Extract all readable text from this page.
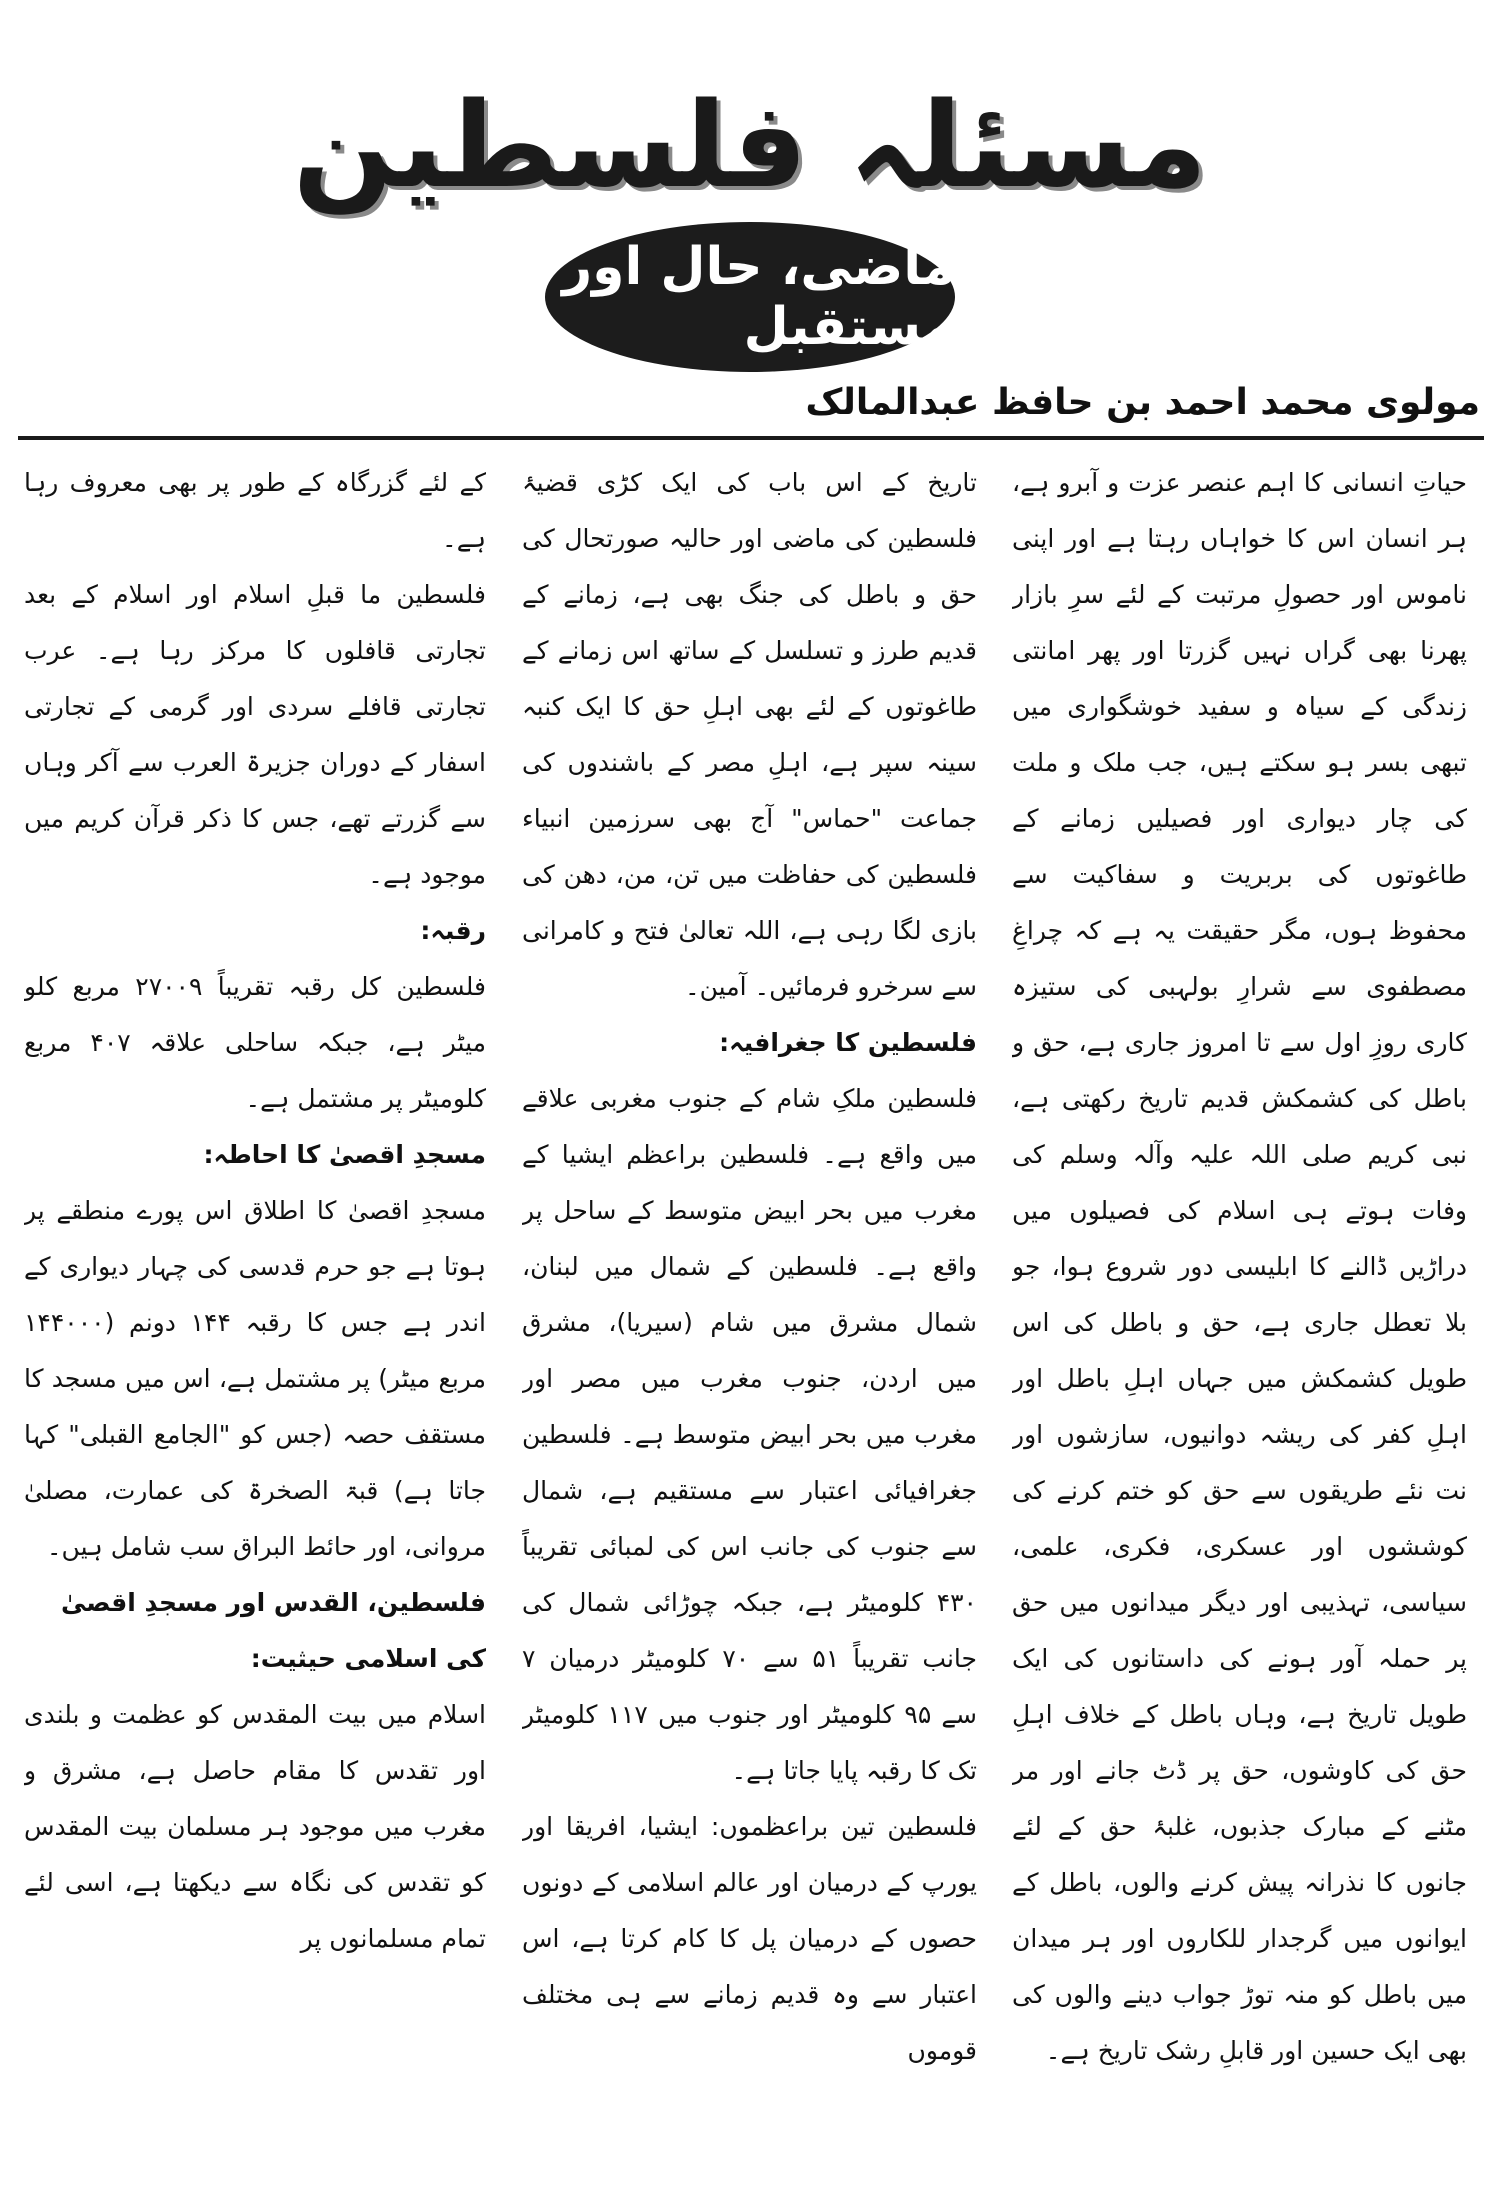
مسئلہ فلسطین
ماضی، حال اور مستقبل
مولوی محمد احمد بن حافظ عبدالمالک

حیاتِ انسانی کا اہم عنصر عزت و آبرو ہے، ہر انسان اس کا خواہاں رہتا ہے اور اپنی ناموس اور حصولِ مرتبت کے لئے سرِ بازار پھرنا بھی گراں نہیں گزرتا اور پھر امانتی زندگی کے سیاہ و سفید خوشگواری میں تبھی بسر ہو سکتے ہیں، جب ملک و ملت کی چار دیواری اور فصیلیں زمانے کے طاغوتوں کی بربریت و سفاکیت سے محفوظ ہوں، مگر حقیقت یہ ہے کہ چراغِ مصطفوی سے شرارِ بولہبی کی ستیزہ کاری روزِ اول سے تا امروز جاری ہے، حق و باطل کی کشمکش قدیم تاریخ رکھتی ہے، نبی کریم صلی اللہ علیہ وآلہ وسلم کی وفات ہوتے ہی اسلام کی فصیلوں میں دراڑیں ڈالنے کا ابلیسی دور شروع ہوا، جو بلا تعطل جاری ہے، حق و باطل کی اس طویل کشمکش میں جہاں اہلِ باطل اور اہلِ کفر کی ریشہ دوانیوں، سازشوں اور نت نئے طریقوں سے حق کو ختم کرنے کی کوششوں اور عسکری، فکری، علمی، سیاسی، تہذیبی اور دیگر میدانوں میں حق پر حملہ آور ہونے کی داستانوں کی ایک طویل تاریخ ہے، وہاں باطل کے خلاف اہلِ حق کی کاوشوں، حق پر ڈٹ جانے اور مر مٹنے کے مبارک جذبوں، غلبۂ حق کے لئے جانوں کا نذرانہ پیش کرنے والوں، باطل کے ایوانوں میں گرجدار للکاروں اور ہر میدان میں باطل کو منہ توڑ جواب دینے والوں کی بھی ایک حسین اور قابلِ رشک تاریخ ہے۔

تاریخ کے اس باب کی ایک کڑی قضیۂ فلسطین کی ماضی اور حالیہ صورتحال کی حق و باطل کی جنگ بھی ہے، زمانے کے قدیم طرز و تسلسل کے ساتھ اس زمانے کے طاغوتوں کے لئے بھی اہلِ حق کا ایک کنبہ سینہ سپر ہے، اہلِ مصر کے باشندوں کی جماعت "حماس" آج بھی سرزمین انبیاء فلسطین کی حفاظت میں تن، من، دھن کی بازی لگا رہی ہے، اللہ تعالیٰ فتح و کامرانی سے سرخرو فرمائیں۔ آمین۔

فلسطین کا جغرافیہ:

فلسطین ملکِ شام کے جنوب مغربی علاقے میں واقع ہے۔ فلسطین براعظم ایشیا کے مغرب میں بحر ابیض متوسط کے ساحل پر واقع ہے۔ فلسطین کے شمال میں لبنان، شمال مشرق میں شام (سیریا)، مشرق میں اردن، جنوب مغرب میں مصر اور مغرب میں بحر ابیض متوسط ہے۔ فلسطین جغرافیائی اعتبار سے مستقیم ہے، شمال سے جنوب کی جانب اس کی لمبائی تقریباً ۴۳۰ کلومیٹر ہے، جبکہ چوڑائی شمال کی جانب تقریباً ۵۱ سے ۷۰ کلومیٹر درمیان ۷ سے ۹۵ کلومیٹر اور جنوب میں ۱۱۷ کلومیٹر تک کا رقبہ پایا جاتا ہے۔

فلسطین تین براعظموں: ایشیا، افریقا اور یورپ کے درمیان اور عالم اسلامی کے دونوں حصوں کے درمیان پل کا کام کرتا ہے، اس اعتبار سے وہ قدیم زمانے سے ہی مختلف قوموں

کے لئے گزرگاہ کے طور پر بھی معروف رہا ہے۔

فلسطین ما قبلِ اسلام اور اسلام کے بعد تجارتی قافلوں کا مرکز رہا ہے۔ عرب تجارتی قافلے سردی اور گرمی کے تجارتی اسفار کے دوران جزیرۃ العرب سے آکر وہاں سے گزرتے تھے، جس کا ذکر قرآن کریم میں موجود ہے۔

رقبہ:

فلسطین کل رقبہ تقریباً ۲۷۰۰۹ مربع کلو میٹر ہے، جبکہ ساحلی علاقہ ۴۰۷ مربع کلومیٹر پر مشتمل ہے۔

مسجدِ اقصیٰ کا احاطہ:

مسجدِ اقصیٰ کا اطلاق اس پورے منطقے پر ہوتا ہے جو حرم قدسی کی چہار دیواری کے اندر ہے جس کا رقبہ ۱۴۴ دونم (۱۴۴۰۰۰ مربع میٹر) پر مشتمل ہے، اس میں مسجد کا مستقف حصہ (جس کو "الجامع القبلی" کہا جاتا ہے) قبۃ الصخرۃ کی عمارت، مصلیٰ مروانی، اور حائط البراق سب شامل ہیں۔

فلسطین، القدس اور مسجدِ اقصیٰ کی اسلامی حیثیت:

اسلام میں بیت المقدس کو عظمت و بلندی اور تقدس کا مقام حاصل ہے، مشرق و مغرب میں موجود ہر مسلمان بیت المقدس کو تقدس کی نگاہ سے دیکھتا ہے، اسی لئے تمام مسلمانوں پر
